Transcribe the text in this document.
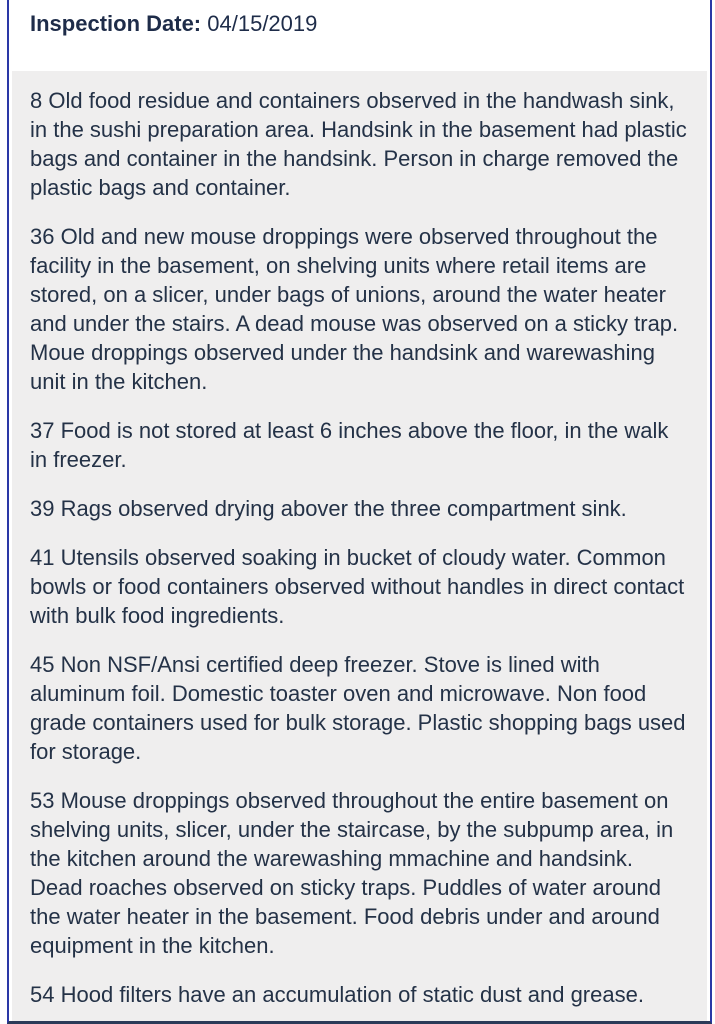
Inspection Date: 04/15/2019

8 Old food residue and containers observed in the handwash sink, in the sushi preparation area. Handsink in the basement had plastic bags and container in the handsink. Person in charge removed the plastic bags and container.

36 Old and new mouse droppings were observed throughout the facility in the basement, on shelving units where retail items are stored, on a slicer, under bags of unions, around the water heater and under the stairs. A dead mouse was observed on a sticky trap. Moue droppings observed under the handsink and warewashing unit in the kitchen.

37 Food is not stored at least 6 inches above the floor, in the walk in freezer.

39 Rags observed drying abover the three compartment sink.

41 Utensils observed soaking in bucket of cloudy water. Common bowls or food containers observed without handles in direct contact with bulk food ingredients.

45 Non NSF/Ansi certified deep freezer. Stove is lined with aluminum foil. Domestic toaster oven and microwave. Non food grade containers used for bulk storage. Plastic shopping bags used for storage.

53 Mouse droppings observed throughout the entire basement on shelving units, slicer, under the staircase, by the subpump area, in the kitchen around the warewashing mmachine and handsink. Dead roaches observed on sticky traps. Puddles of water around the water heater in the basement. Food debris under and around equipment in the kitchen.

54 Hood filters have an accumulation of static dust and grease.
